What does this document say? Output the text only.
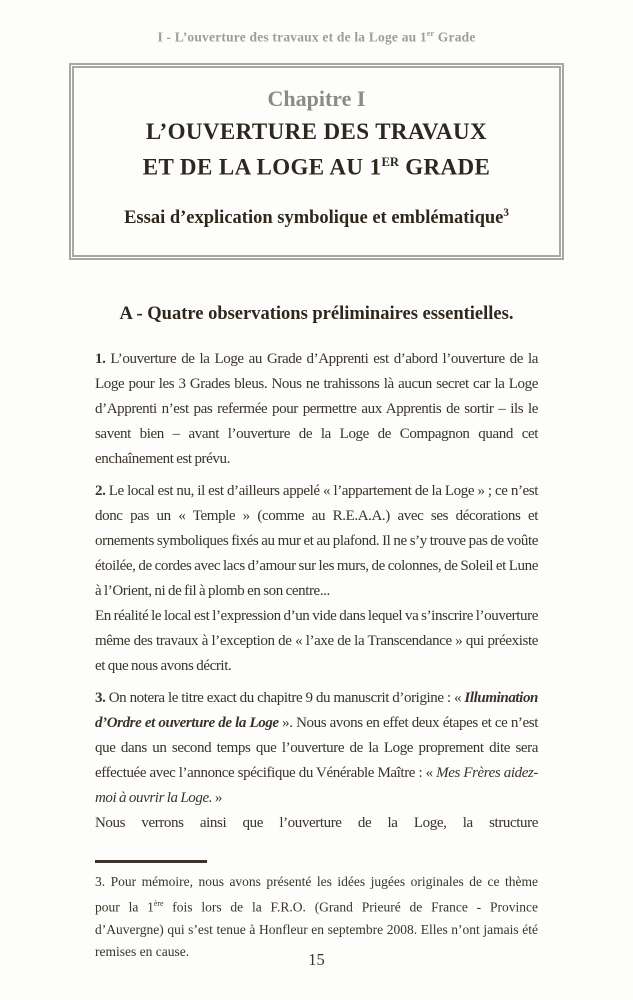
I - L’ouverture des travaux et de la Loge au 1er Grade
Chapitre I
L’OUVERTURE DES TRAVAUX
ET DE LA LOGE AU 1ER GRADE
Essai d’explication symbolique et emblématique$^3$
A - Quatre observations préliminaires essentielles.

1. L’ouverture de la Loge au Grade d’Apprenti est d’abord l’ouverture de la Loge pour les 3 Grades bleus. Nous ne trahissons là aucun secret car la Loge d’Apprenti n’est pas refermée pour permettre aux Apprentis de sortir – ils le savent bien – avant l’ouverture de la Loge de Compagnon quand cet enchaînement est prévu.

2. Le local est nu, il est d’ailleurs appelé « l’appartement de la Loge » ; ce n’est donc pas un « Temple » (comme au R.E.A.A.) avec ses décorations et ornements symboliques fixés au mur et au plafond. Il ne s’y trouve pas de voûte étoilée, de cordes avec lacs d’amour sur les murs, de colonnes, de Soleil et Lune à l’Orient, ni de fil à plomb en son centre...
En réalité le local est l’expression d’un vide dans lequel va s’inscrire l’ouverture même des travaux à l’exception de « l’axe de la Transcendance » qui préexiste et que nous avons décrit.

3. On notera le titre exact du chapitre 9 du manuscrit d’origine : « Illumination d’Ordre et ouverture de la Loge ». Nous avons en effet deux étapes et ce n’est que dans un second temps que l’ouverture de la Loge proprement dite sera effectuée avec l’annonce spécifique du Vénérable Maître : « Mes Frères aidez-moi à ouvrir la Loge. »
Nous verrons ainsi que l’ouverture de la Loge, la structure

3. Pour mémoire, nous avons présenté les idées jugées originales de ce thème pour la 1ère fois lors de la F.R.O. (Grand Prieuré de France - Province d’Auvergne) qui s’est tenue à Honfleur en septembre 2008. Elles n’ont jamais été remises en cause.	15
